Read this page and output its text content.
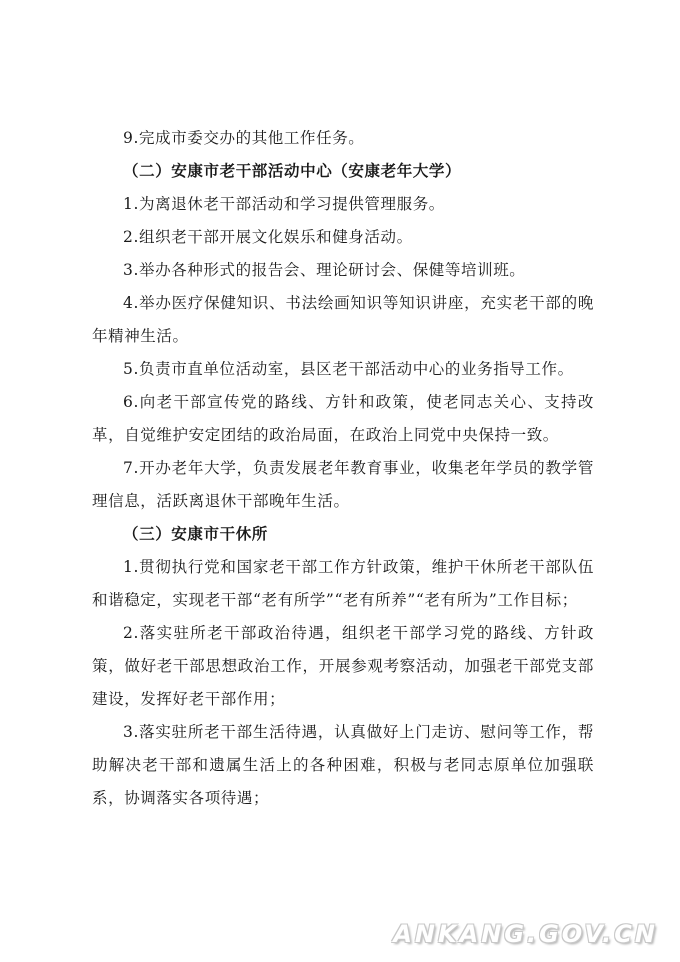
9.完成市委交办的其他工作任务。

（二）安康市老干部活动中心（安康老年大学）

1.为离退休老干部活动和学习提供管理服务。

2.组织老干部开展文化娱乐和健身活动。

3.举办各种形式的报告会、理论研讨会、保健等培训班。

4.举办医疗保健知识、书法绘画知识等知识讲座，充实老干部的晚年精神生活。

5.负责市直单位活动室，县区老干部活动中心的业务指导工作。

6.向老干部宣传党的路线、方针和政策，使老同志关心、支持改革，自觉维护安定团结的政治局面，在政治上同党中央保持一致。

7.开办老年大学，负责发展老年教育事业，收集老年学员的教学管理信息，活跃离退休干部晚年生活。

（三）安康市干休所

1.贯彻执行党和国家老干部工作方针政策，维护干休所老干部队伍和谐稳定，实现老干部“老有所学”“老有所养”“老有所为”工作目标；

2.落实驻所老干部政治待遇，组织老干部学习党的路线、方针政策，做好老干部思想政治工作，开展参观考察活动，加强老干部党支部建设，发挥好老干部作用；

3.落实驻所老干部生活待遇，认真做好上门走访、慰问等工作，帮助解决老干部和遗属生活上的各种困难，积极与老同志原单位加强联系，协调落实各项待遇；

ANKANG.GOV.CN
